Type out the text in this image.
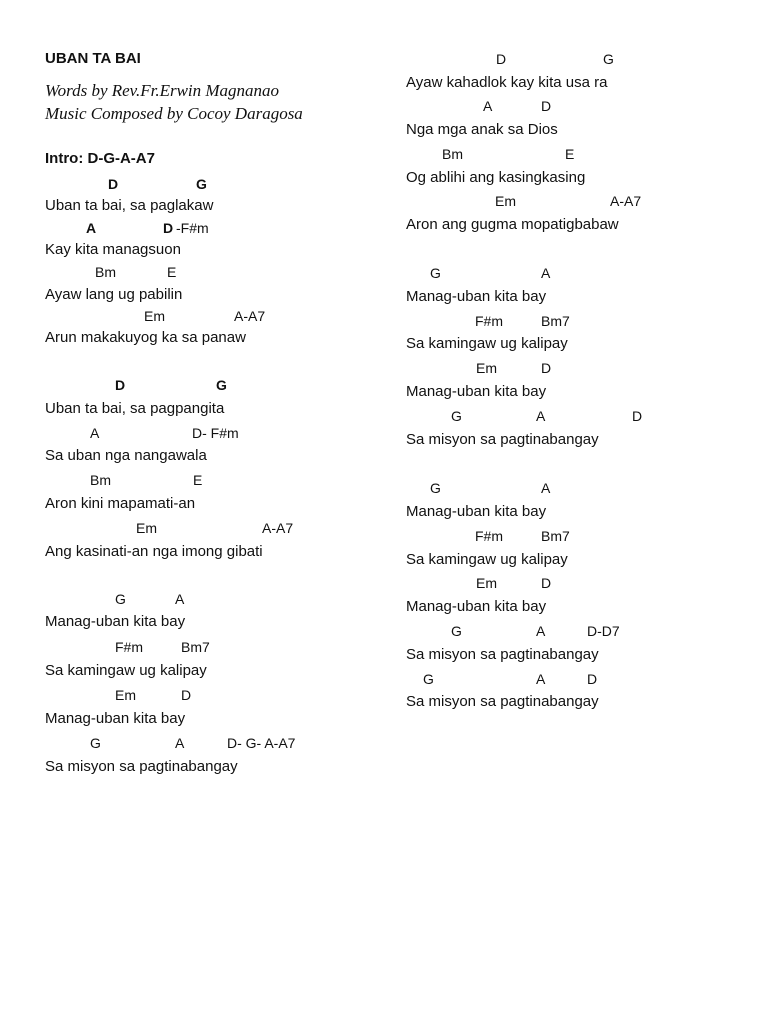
UBAN TA BAI
Words by Rev.Fr.Erwin Magnanao
Music Composed by Cocoy Daragosa
Intro: D-G-A-A7
D	G
Uban ta bai, sa paglakaw
A	D -F#m
Kay kita managsuon
Bm	E
Ayaw lang ug pabilin
Em	A-A7
Arun makakuyog ka sa panaw
D	G
Uban ta bai, sa pagpangita
A	D- F#m
Sa uban nga nangawala
Bm	E
Aron kini mapamati-an
Em	A-A7
Ang kasinati-an nga imong gibati
G	A
Manag-uban kita bay
F#m	Bm7
Sa kamingaw ug kalipay
Em	D
Manag-uban kita bay
G	A	D- G- A-A7
Sa misyon sa pagtinabangay
D	G
Ayaw kahadlok kay kita usa ra
A	D
Nga mga anak sa Dios
Bm	E
Og ablihi ang kasingkasing
Em	A-A7
Aron ang gugma mopatigbabaw
G	A
Manag-uban kita bay
F#m	Bm7
Sa kamingaw ug kalipay
Em	D
Manag-uban kita bay
G	A	D
Sa misyon sa pagtinabangay
G	A
Manag-uban kita bay
F#m	Bm7
Sa kamingaw ug kalipay
Em	D
Manag-uban kita bay
G	A	D-D7
Sa misyon sa pagtinabangay
G	A	D
Sa misyon sa pagtinabangay
